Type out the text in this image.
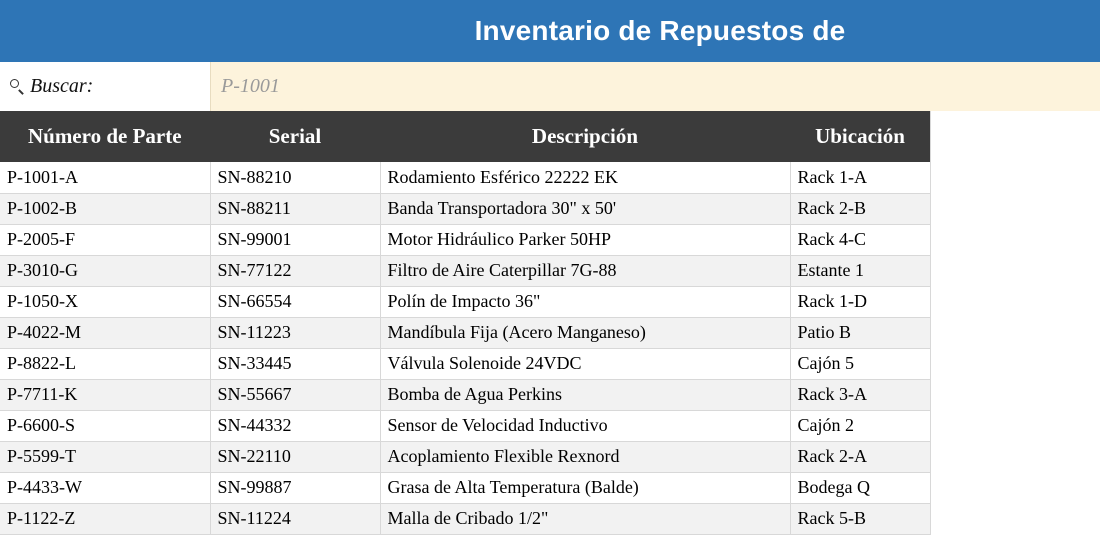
Inventario de Repuestos de
Buscar:	P-1001
Número de Parte	Serial	Descripción	Ubicación
P-1001-A	SN-88210	Rodamiento Esférico 22222 EK	Rack 1-A
P-1002-B	SN-88211	Banda Transportadora 30" x 50'	Rack 2-B
P-2005-F	SN-99001	Motor Hidráulico Parker 50HP	Rack 4-C
P-3010-G	SN-77122	Filtro de Aire Caterpillar 7G-88	Estante 1
P-1050-X	SN-66554	Polín de Impacto 36"	Rack 1-D
P-4022-M	SN-11223	Mandíbula Fija (Acero Manganeso)	Patio B
P-8822-L	SN-33445	Válvula Solenoide 24VDC	Cajón 5
P-7711-K	SN-55667	Bomba de Agua Perkins	Rack 3-A
P-6600-S	SN-44332	Sensor de Velocidad Inductivo	Cajón 2
P-5599-T	SN-22110	Acoplamiento Flexible Rexnord	Rack 2-A
P-4433-W	SN-99887	Grasa de Alta Temperatura (Balde)	Bodega Q
P-1122-Z	SN-11224	Malla de Cribado 1/2"	Rack 5-B
